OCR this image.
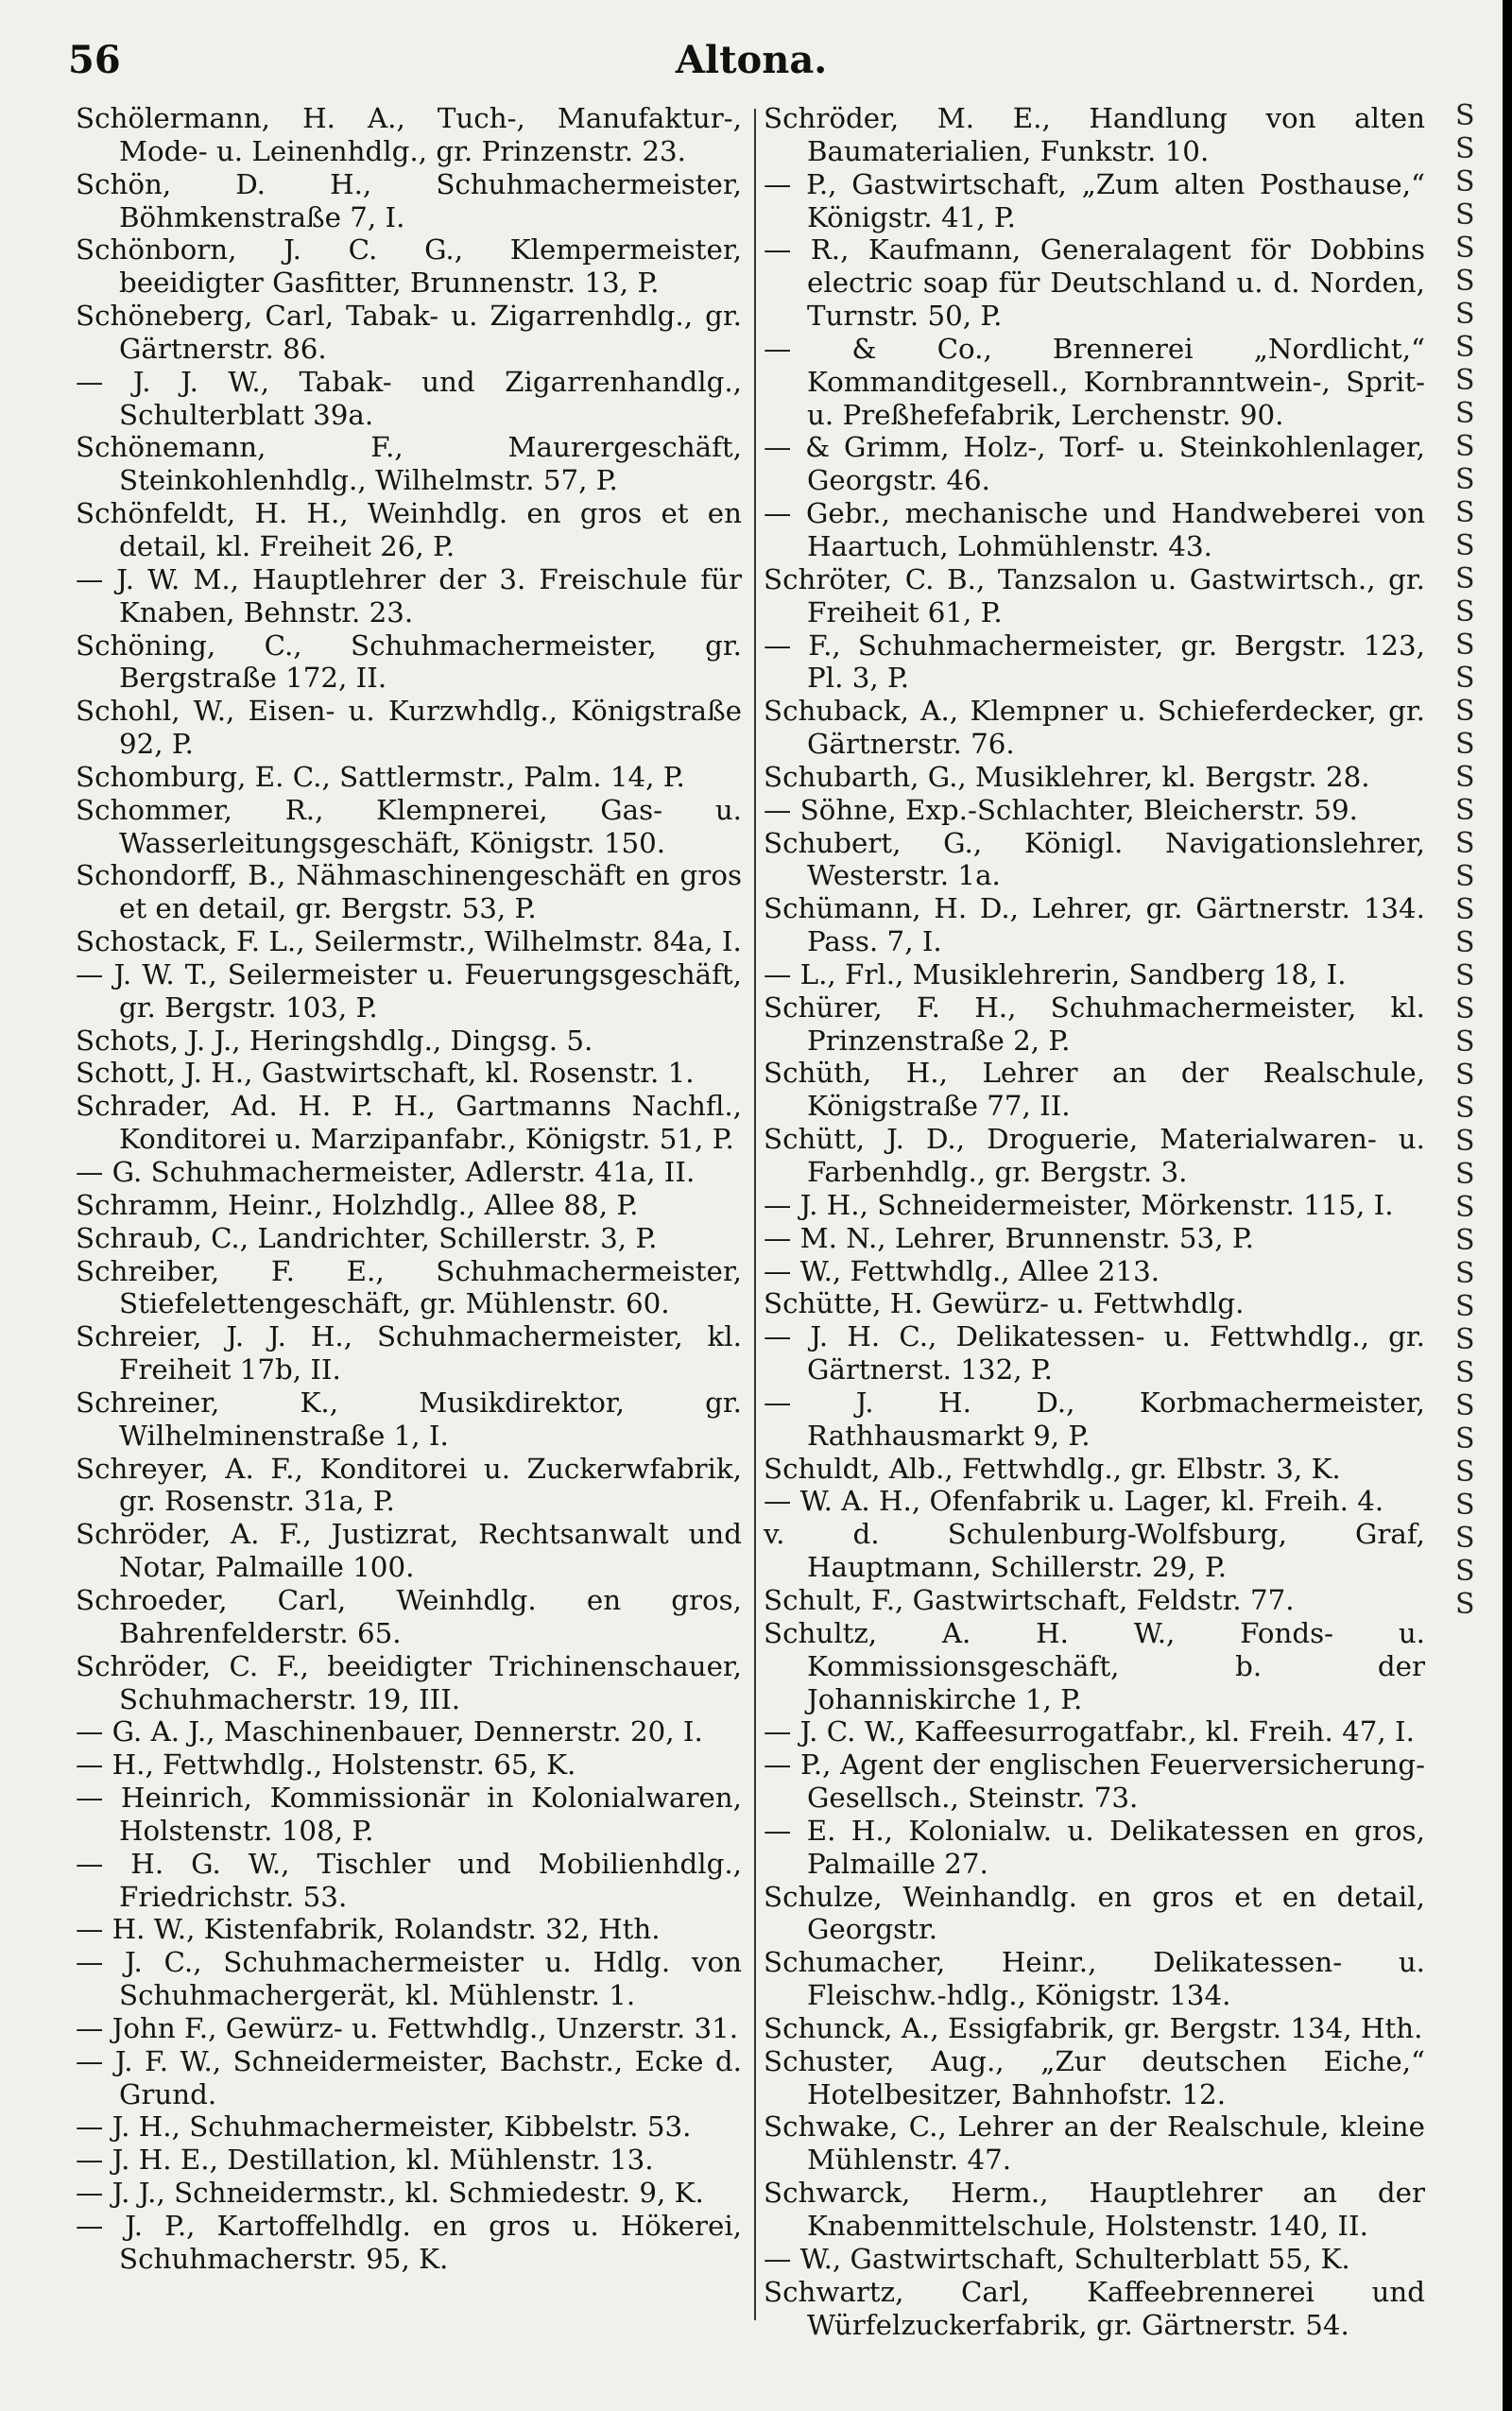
56	Altona.

Schölermann, H. A., Tuch-, Manufaktur-, Mode- u. Leinenhdlg., gr. Prinzenstr. 23.

Schön, D. H., Schuhmachermeister, Böhmkenstraße 7, I.

Schönborn, J. C. G., Klempermeister, beeidigter Gasfitter, Brunnenstr. 13, P.

Schöneberg, Carl, Tabak- u. Zigarrenhdlg., gr. Gärtnerstr. 86.

— J. J. W., Tabak- und Zigarrenhandlg., Schulterblatt 39a.

Schönemann, F., Maurergeschäft, Steinkohlenhdlg., Wilhelmstr. 57, P.

Schönfeldt, H. H., Weinhdlg. en gros et en detail, kl. Freiheit 26, P.

— J. W. M., Hauptlehrer der 3. Freischule für Knaben, Behnstr. 23.

Schöning, C., Schuhmachermeister, gr. Bergstraße 172, II.

Schohl, W., Eisen- u. Kurzwhdlg., Königstraße 92, P.

Schomburg, E. C., Sattlermstr., Palm. 14, P.

Schommer, R., Klempnerei, Gas- u. Wasserleitungsgeschäft, Königstr. 150.

Schondorff, B., Nähmaschinengeschäft en gros et en detail, gr. Bergstr. 53, P.

Schostack, F. L., Seilermstr., Wilhelmstr. 84a, I.

— J. W. T., Seilermeister u. Feuerungsgeschäft, gr. Bergstr. 103, P.

Schots, J. J., Heringshdlg., Dingsg. 5.

Schott, J. H., Gastwirtschaft, kl. Rosenstr. 1.

Schrader, Ad. H. P. H., Gartmanns Nachfl., Konditorei u. Marzipanfabr., Königstr. 51, P.

— G. Schuhmachermeister, Adlerstr. 41a, II.

Schramm, Heinr., Holzhdlg., Allee 88, P.

Schraub, C., Landrichter, Schillerstr. 3, P.

Schreiber, F. E., Schuhmachermeister, Stiefelettengeschäft, gr. Mühlenstr. 60.

Schreier, J. J. H., Schuhmachermeister, kl. Freiheit 17b, II.

Schreiner, K., Musikdirektor, gr. Wilhelminenstraße 1, I.

Schreyer, A. F., Konditorei u. Zuckerwfabrik, gr. Rosenstr. 31a, P.

Schröder, A. F., Justizrat, Rechtsanwalt und Notar, Palmaille 100.

Schroeder, Carl, Weinhdlg. en gros, Bahrenfelderstr. 65.

Schröder, C. F., beeidigter Trichinenschauer, Schuhmacherstr. 19, III.

— G. A. J., Maschinenbauer, Dennerstr. 20, I.

— H., Fettwhdlg., Holstenstr. 65, K.

— Heinrich, Kommissionär in Kolonialwaren, Holstenstr. 108, P.

— H. G. W., Tischler und Mobilienhdlg., Friedrichstr. 53.

— H. W., Kistenfabrik, Rolandstr. 32, Hth.

— J. C., Schuhmachermeister u. Hdlg. von Schuhmachergerät, kl. Mühlenstr. 1.

— John F., Gewürz- u. Fettwhdlg., Unzerstr. 31.

— J. F. W., Schneidermeister, Bachstr., Ecke d. Grund.

— J. H., Schuhmachermeister, Kibbelstr. 53.

— J. H. E., Destillation, kl. Mühlenstr. 13.

— J. J., Schneidermstr., kl. Schmiedestr. 9, K.

— J. P., Kartoffelhdlg. en gros u. Hökerei, Schuhmacherstr. 95, K.

Schröder, M. E., Handlung von alten Baumaterialien, Funkstr. 10.

— P., Gastwirtschaft, „Zum alten Posthause,“ Königstr. 41, P.

— R., Kaufmann, Generalagent för Dobbins electric soap für Deutschland u. d. Norden, Turnstr. 50, P.

— & Co., Brennerei „Nordlicht,“ Kommanditgesell., Kornbranntwein-, Sprit- u. Preßhefefabrik, Lerchenstr. 90.

— & Grimm, Holz-, Torf- u. Steinkohlenlager, Georgstr. 46.

— Gebr., mechanische und Handweberei von Haartuch, Lohmühlenstr. 43.

Schröter, C. B., Tanzsalon u. Gastwirtsch., gr. Freiheit 61, P.

— F., Schuhmachermeister, gr. Bergstr. 123, Pl. 3, P.

Schuback, A., Klempner u. Schieferdecker, gr. Gärtnerstr. 76.

Schubarth, G., Musiklehrer, kl. Bergstr. 28.

— Söhne, Exp.-Schlachter, Bleicherstr. 59.

Schubert, G., Königl. Navigationslehrer, Westerstr. 1a.

Schümann, H. D., Lehrer, gr. Gärtnerstr. 134. Pass. 7, I.

— L., Frl., Musiklehrerin, Sandberg 18, I.

Schürer, F. H., Schuhmachermeister, kl. Prinzenstraße 2, P.

Schüth, H., Lehrer an der Realschule, Königstraße 77, II.

Schütt, J. D., Droguerie, Materialwaren- u. Farbenhdlg., gr. Bergstr. 3.

— J. H., Schneidermeister, Mörkenstr. 115, I.

— M. N., Lehrer, Brunnenstr. 53, P.

— W., Fettwhdlg., Allee 213.

Schütte, H. Gewürz- u. Fettwhdlg.

— J. H. C., Delikatessen- u. Fettwhdlg., gr. Gärtnerst. 132, P.

— J. H. D., Korbmachermeister, Rathhausmarkt 9, P.

Schuldt, Alb., Fettwhdlg., gr. Elbstr. 3, K.

— W. A. H., Ofenfabrik u. Lager, kl. Freih. 4.

v. d. Schulenburg-Wolfsburg, Graf, Hauptmann, Schillerstr. 29, P.

Schult, F., Gastwirtschaft, Feldstr. 77.

Schultz, A. H. W., Fonds- u. Kommissionsgeschäft, b. der Johanniskirche 1, P.

— J. C. W., Kaffeesurrogatfabr., kl. Freih. 47, I.

— P., Agent der englischen Feuerversicherung-Gesellsch., Steinstr. 73.

— E. H., Kolonialw. u. Delikatessen en gros, Palmaille 27.

Schulze, Weinhandlg. en gros et en detail, Georgstr.

Schumacher, Heinr., Delikatessen- u. Fleischw.-hdlg., Königstr. 134.

Schunck, A., Essigfabrik, gr. Bergstr. 134, Hth.

Schuster, Aug., „Zur deutschen Eiche,“ Hotelbesitzer, Bahnhofstr. 12.

Schwake, C., Lehrer an der Realschule, kleine Mühlenstr. 47.

Schwarck, Herm., Hauptlehrer an der Knabenmittelschule, Holstenstr. 140, II.

— W., Gastwirtschaft, Schulterblatt 55, K.

Schwartz, Carl, Kaffeebrennerei und Würfelzuckerfabrik, gr. Gärtnerstr. 54.

S
S
S
S
S
S
S
S
S
S
S
S
S
S
S
S
S
S
S
S
S
S
S
S
S
S
S
S
S
S
S
S
S
S
S
S
S
S
S
S
S
S
S
S
S
S
